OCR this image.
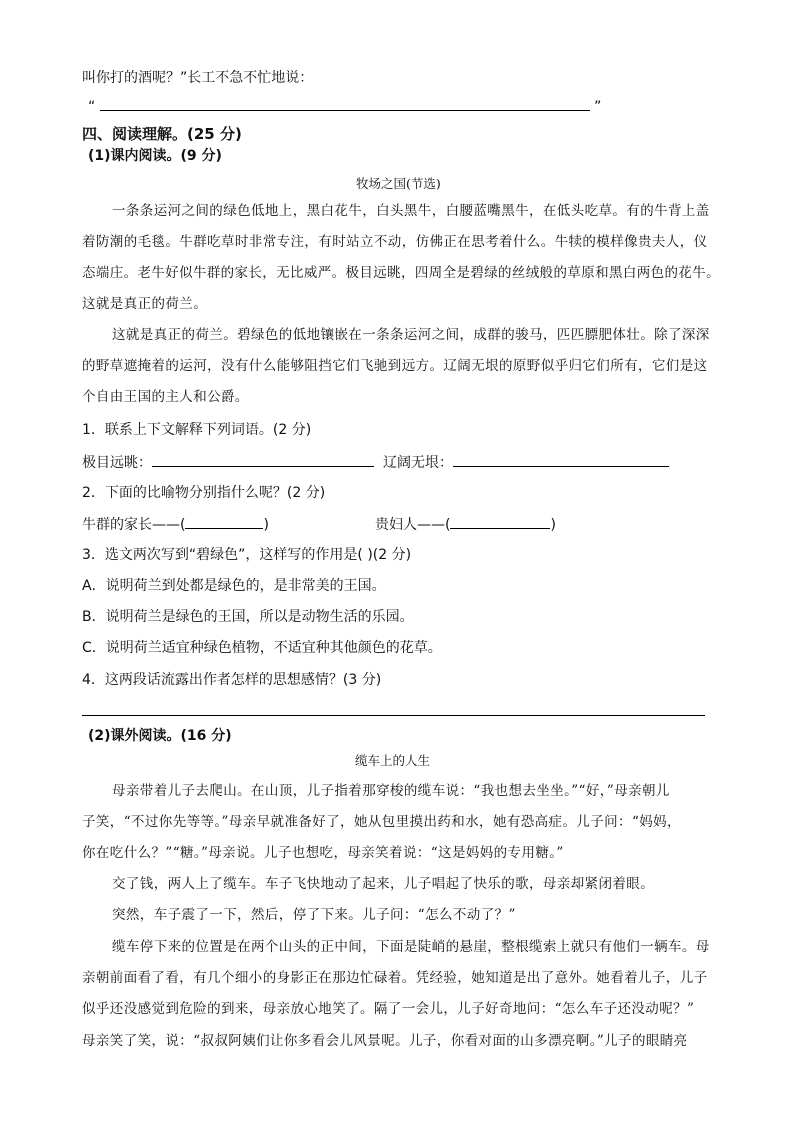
叫你打的酒呢？”长工不急不忙地说：
“	”
四、阅读理解。(25 分)
(1)课内阅读。(9 分)
牧场之国(节选)
一条条运河之间的绿色低地上，黑白花牛，白头黑牛，白腰蓝嘴黑牛，在低头吃草。有的牛背上盖
着防潮的毛毯。牛群吃草时非常专注，有时站立不动，仿佛正在思考着什么。牛犊的模样像贵夫人，仪
态端庄。老牛好似牛群的家长，无比威严。极目远眺，四周全是碧绿的丝绒般的草原和黑白两色的花牛。
这就是真正的荷兰。
这就是真正的荷兰。碧绿色的低地镶嵌在一条条运河之间，成群的骏马，匹匹膘肥体壮。除了深深
的野草遮掩着的运河，没有什么能够阻挡它们飞驰到远方。辽阔无垠的原野似乎归它们所有，它们是这
个自由王国的主人和公爵。
1．联系上下文解释下列词语。(2 分)
极目远眺：	辽阔无垠：
2．下面的比喻物分别指什么呢？(2 分)
牛群的家长——(	)	贵妇人——(	)
3．选文两次写到“碧绿色”，这样写的作用是( )(2 分)
A．说明荷兰到处都是绿色的，是非常美的王国。
B．说明荷兰是绿色的王国，所以是动物生活的乐园。
C．说明荷兰适宜种绿色植物，不适宜种其他颜色的花草。
4．这两段话流露出作者怎样的思想感情？(3 分)
(2)课外阅读。(16 分)
缆车上的人生
母亲带着儿子去爬山。在山顶，儿子指着那穿梭的缆车说：“我也想去坐坐。”“好，”母亲朝儿
子笑，“不过你先等等。”母亲早就准备好了，她从包里摸出药和水，她有恐高症。儿子问：“妈妈，
你在吃什么？”“糖。”母亲说。儿子也想吃，母亲笑着说：“这是妈妈的专用糖。”
交了钱，两人上了缆车。车子飞快地动了起来，儿子唱起了快乐的歌，母亲却紧闭着眼。
突然，车子震了一下，然后，停了下来。儿子问：“怎么不动了？”
缆车停下来的位置是在两个山头的正中间，下面是陡峭的悬崖，整根缆索上就只有他们一辆车。母
亲朝前面看了看，有几个细小的身影正在那边忙碌着。凭经验，她知道是出了意外。她看着儿子，儿子
似乎还没感觉到危险的到来，母亲放心地笑了。隔了一会儿，儿子好奇地问：“怎么车子还没动呢？”
母亲笑了笑，说：“叔叔阿姨们让你多看会儿风景呢。儿子，你看对面的山多漂亮啊。”儿子的眼睛亮
